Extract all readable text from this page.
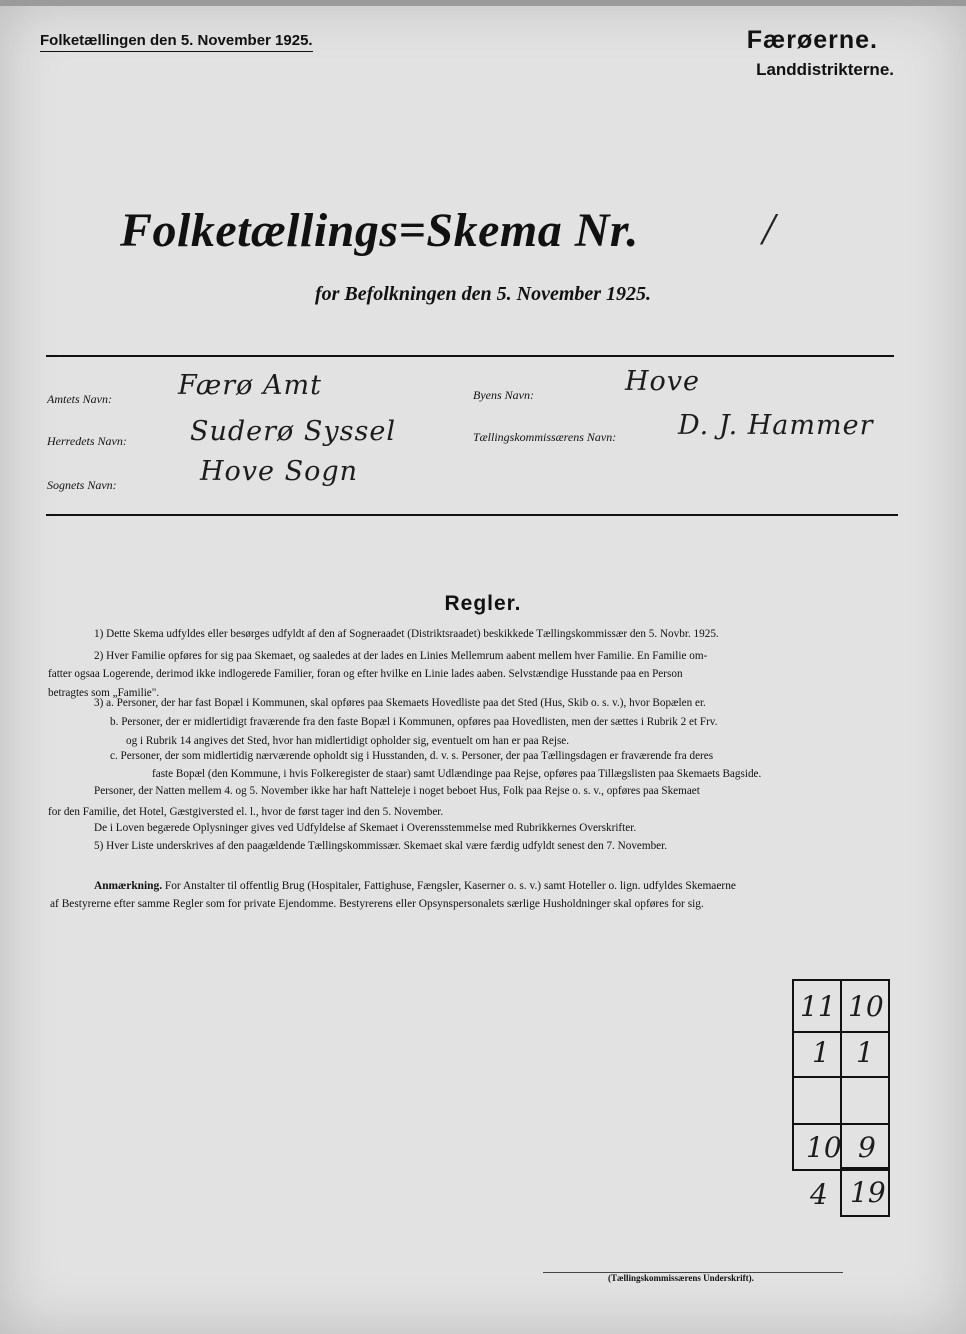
Folketællingen den 5. November 1925.	Færøerne.
Landdistrikterne.
Folketællings=Skema Nr.	/
for Befolkningen den 5. November 1925.
Amtets Navn: Færø Amt
Herredets Navn: Suderø Syssel
Sognets Navn:	Hove Sogn
Byens Navn:	Hove
Tællingskommissærens Navn: D. J. Hammer
Regler.
1) Dette Skema udfyldes eller besørges udfyldt af den af Sogneraadet (Distriktsraadet) beskikkede Tællingskommissær den 5. Novbr. 1925.
2) Hver Familie opføres for sig paa Skemaet, og saaledes at der lades en Linies Mellemrum aabent mellem hver Familie. En Familie om-
fatter ogsaa Logerende, derimod ikke indlogerede Familier, foran og efter hvilke en Linie lades aaben. Selvstændige Husstande paa en Person
betragtes som „Familie".
3) a. Personer, der har fast Bopæl i Kommunen, skal opføres paa Skemaets Hovedliste paa det Sted (Hus, Skib o. s. v.), hvor Bopælen er.
b. Personer, der er midlertidigt fraværende fra den faste Bopæl i Kommunen, opføres paa Hovedlisten, men der sættes i Rubrik 2 et Frv.
og i Rubrik 14 angives det Sted, hvor han midlertidigt opholder sig, eventuelt om han er paa Rejse.
c. Personer, der som midlertidig nærværende opholdt sig i Husstanden, d. v. s. Personer, der paa Tællingsdagen er fraværende fra deres
faste Bopæl (den Kommune, i hvis Folkeregister de staar) samt Udlændinge paa Rejse, opføres paa Tillægslisten paa Skemaets Bagside.
Personer, der Natten mellem 4. og 5. November ikke har haft Natteleje i noget beboet Hus, Folk paa Rejse o. s. v., opføres paa Skemaet
for den Familie, det Hotel, Gæstgiversted el. l., hvor de først tager ind den 5. November.
De i Loven begærede Oplysninger gives ved Udfyldelse af Skemaet i Overensstemmelse med Rubrikkernes Overskrifter.
5) Hver Liste underskrives af den paagældende Tællingskommissær. Skemaet skal være færdig udfyldt senest den 7. November.
Anmærkning. For Anstalter til offentlig Brug (Hospitaler, Fattighuse, Fængsler, Kaserner o. s. v.) samt Hoteller o. lign. udfyldes Skemaerne
af Bestyrerne efter samme Regler som for private Ejendomme. Bestyrerens eller Opsynspersonalets særlige Husholdninger skal opføres for sig.
11 10
1 1
10 9
4 19
(Tællingskommissærens Underskrift).
